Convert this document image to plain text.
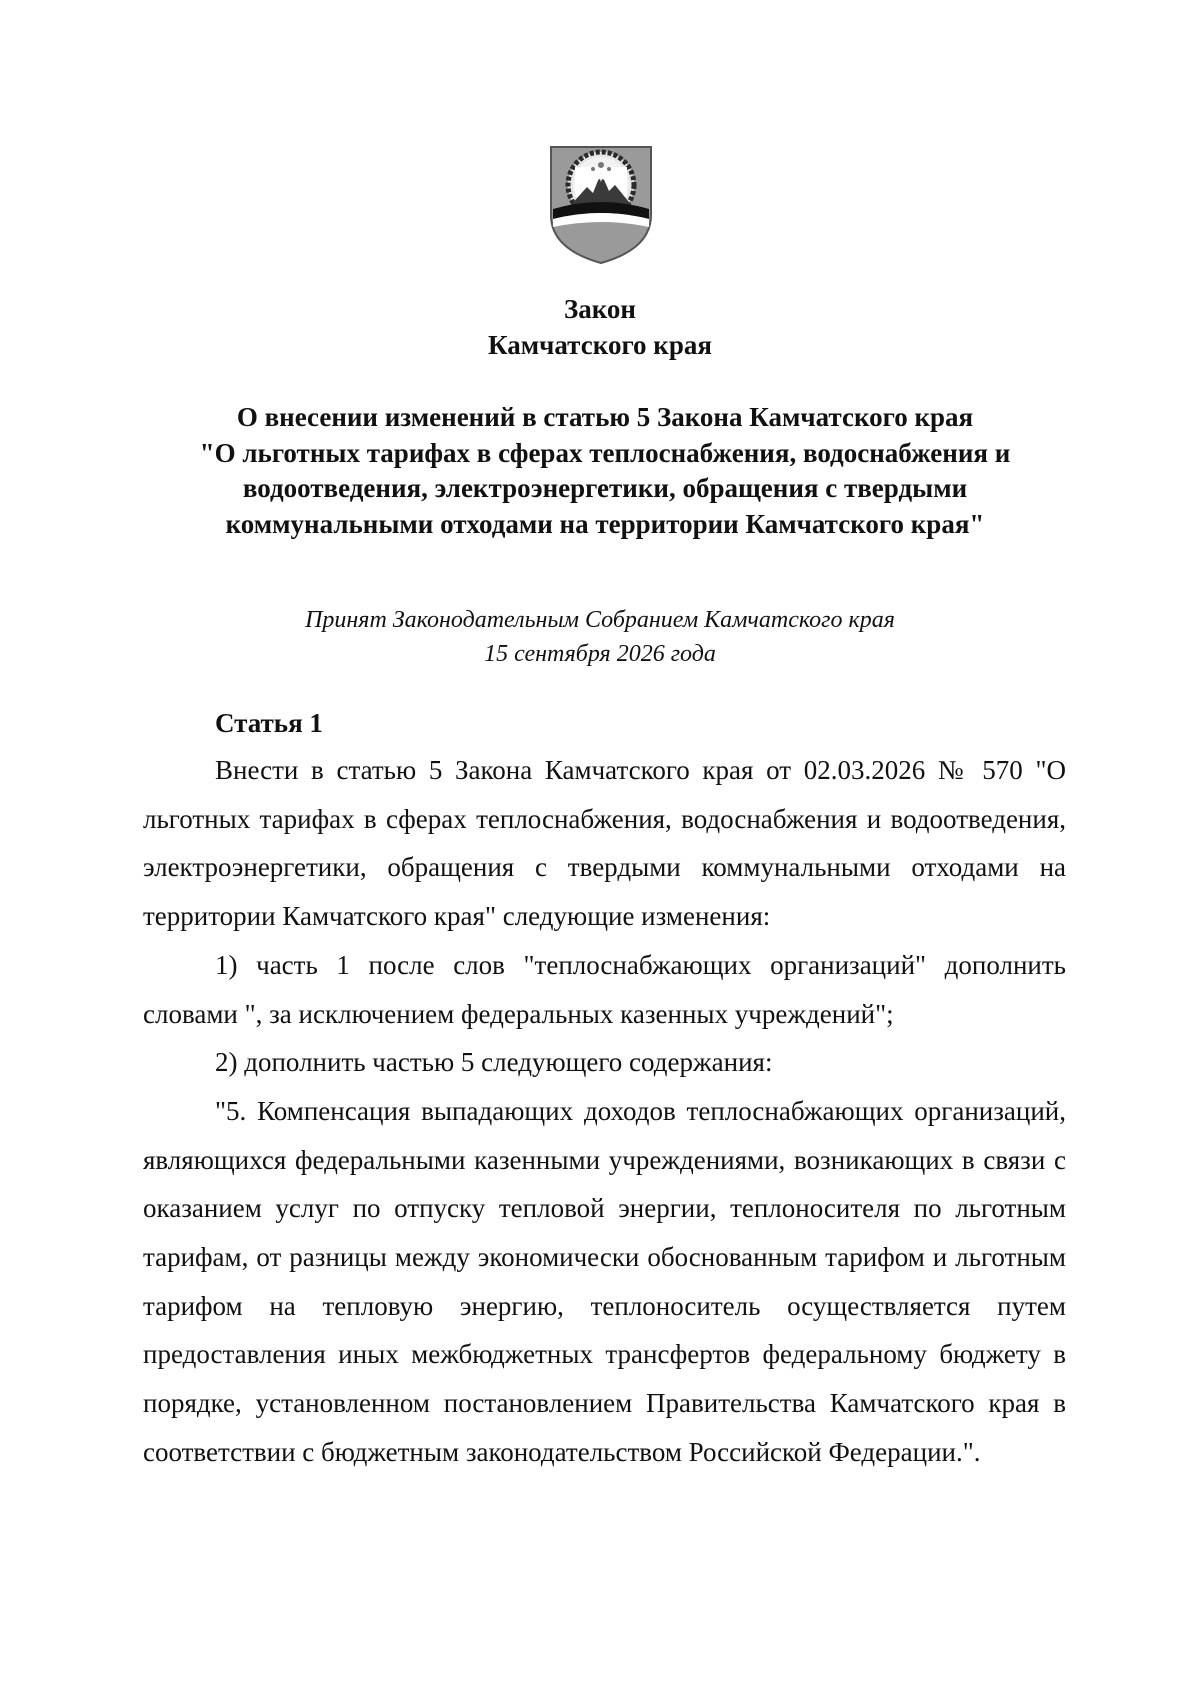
Закон
Камчатского края
О внесении изменений в статью 5 Закона Камчатского края
"О льготных тарифах в сферах теплоснабжения, водоснабжения и
водоотведения, электроэнергетики, обращения с твердыми
коммунальными отходами на территории Камчатского края"
Принят Законодательным Собранием Камчатского края
15 сентября 2026 года
Статья 1

Внести в статью 5 Закона Камчатского края от 02.03.2026 № 570 "О льготных тарифах в сферах теплоснабжения, водоснабжения и водоотведения, электроэнергетики, обращения с твердыми коммунальными отходами на территории Камчатского края" следующие изменения:

1) часть 1 после слов "теплоснабжающих организаций" дополнить словами ", за исключением федеральных казенных учреждений";

2) дополнить частью 5 следующего содержания:

"5. Компенсация выпадающих доходов теплоснабжающих организаций, являющихся федеральными казенными учреждениями, возникающих в связи с оказанием услуг по отпуску тепловой энергии, теплоносителя по льготным тарифам, от разницы между экономически обоснованным тарифом и льготным тарифом на тепловую энергию, теплоноситель осуществляется путем предоставления иных межбюджетных трансфертов федеральному бюджету в порядке, установленном постановлением Правительства Камчатского края в соответствии с бюджетным законодательством Российской Федерации.".
